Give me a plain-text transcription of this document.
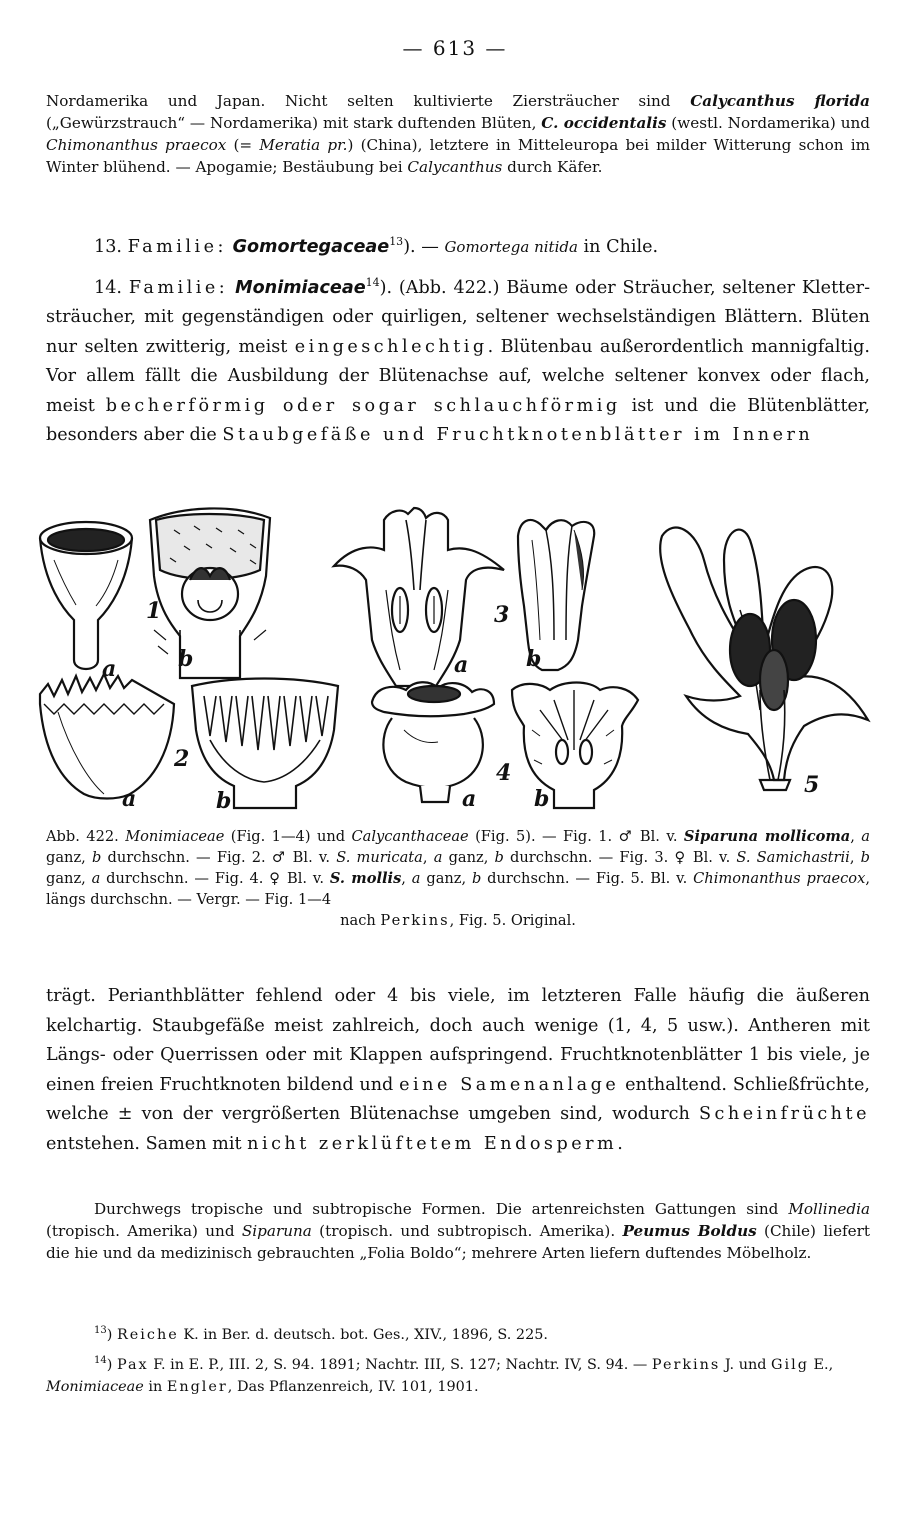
— 613 —

Nordamerika und Japan. Nicht selten kultivierte Ziersträucher sind Calycanthus florida („Gewürzstrauch“ — Nordamerika) mit stark duftenden Blüten, C. occidentalis (westl. Nordamerika) und Chimonanthus praecox (= Meratia pr.) (China), letztere in Mitteleuropa bei milder Witterung schon im Winter blühend. — Apogamie; Bestäubung bei Calycanthus durch Käfer.

13. Familie: Gomortegaceae$^{13}$). — Gomortega nitida in Chile.

14. Familie: Monimiaceae$^{14}$). (Abb. 422.) Bäume oder Sträucher, seltener Klettersträucher, mit gegenständigen oder quirligen, seltener wechselständigen Blättern. Blüten nur selten zwitterig, meist eingeschlechtig. Blütenbau außerordentlich mannigfaltig. Vor allem fällt die Ausbildung der Blütenachse auf, welche seltener konvex oder flach, meist becherförmig oder sogar schlauchförmig ist und die Blütenblätter, besonders aber die Staubgefäße und Fruchtknotenblätter im Innern

1
a	b
3
a	b
2
a	b
4
a	b
5

Abb. 422. Monimiaceae (Fig. 1—4) und Calycanthaceae (Fig. 5). — Fig. 1. ♂ Bl. v. Siparuna mollicoma, a ganz, b durchschn. — Fig. 2. ♂ Bl. v. S. muricata, a ganz, b durchschn. — Fig. 3. ♀ Bl. v. S. Samichastrii, b ganz, a durchschn. — Fig. 4. ♀ Bl. v. S. mollis, a ganz, b durchschn. — Fig. 5. Bl. v. Chimonanthus praecox, längs durchschn. — Vergr. — Fig. 1—4

nach Perkins, Fig. 5. Original.

trägt. Perianthblätter fehlend oder 4 bis viele, im letzteren Falle häufig die äußeren kelchartig. Staubgefäße meist zahlreich, doch auch wenige (1, 4, 5 usw.). Antheren mit Längs- oder Querrissen oder mit Klappen aufspringend. Fruchtknotenblätter 1 bis viele, je einen freien Fruchtknoten bildend und eine Samenanlage enthaltend. Schließfrüchte, welche ± von der vergrößerten Blütenachse umgeben sind, wodurch Scheinfrüchte entstehen. Samen mit nicht zerklüftetem Endosperm.

Durchwegs tropische und subtropische Formen. Die artenreichsten Gattungen sind Mollinedia (tropisch. Amerika) und Siparuna (tropisch. und subtropisch. Amerika). Peumus Boldus (Chile) liefert die hie und da medizinisch gebrauchten „Folia Boldo“; mehrere Arten liefern duftendes Möbelholz.

$^{13}$) Reiche K. in Ber. d. deutsch. bot. Ges., XIV., 1896, S. 225.

$^{14}$) Pax F. in E. P., III. 2, S. 94. 1891; Nachtr. III, S. 127; Nachtr. IV, S. 94. — Perkins J. und Gilg E., Monimiaceae in Engler, Das Pflanzenreich, IV. 101, 1901.
